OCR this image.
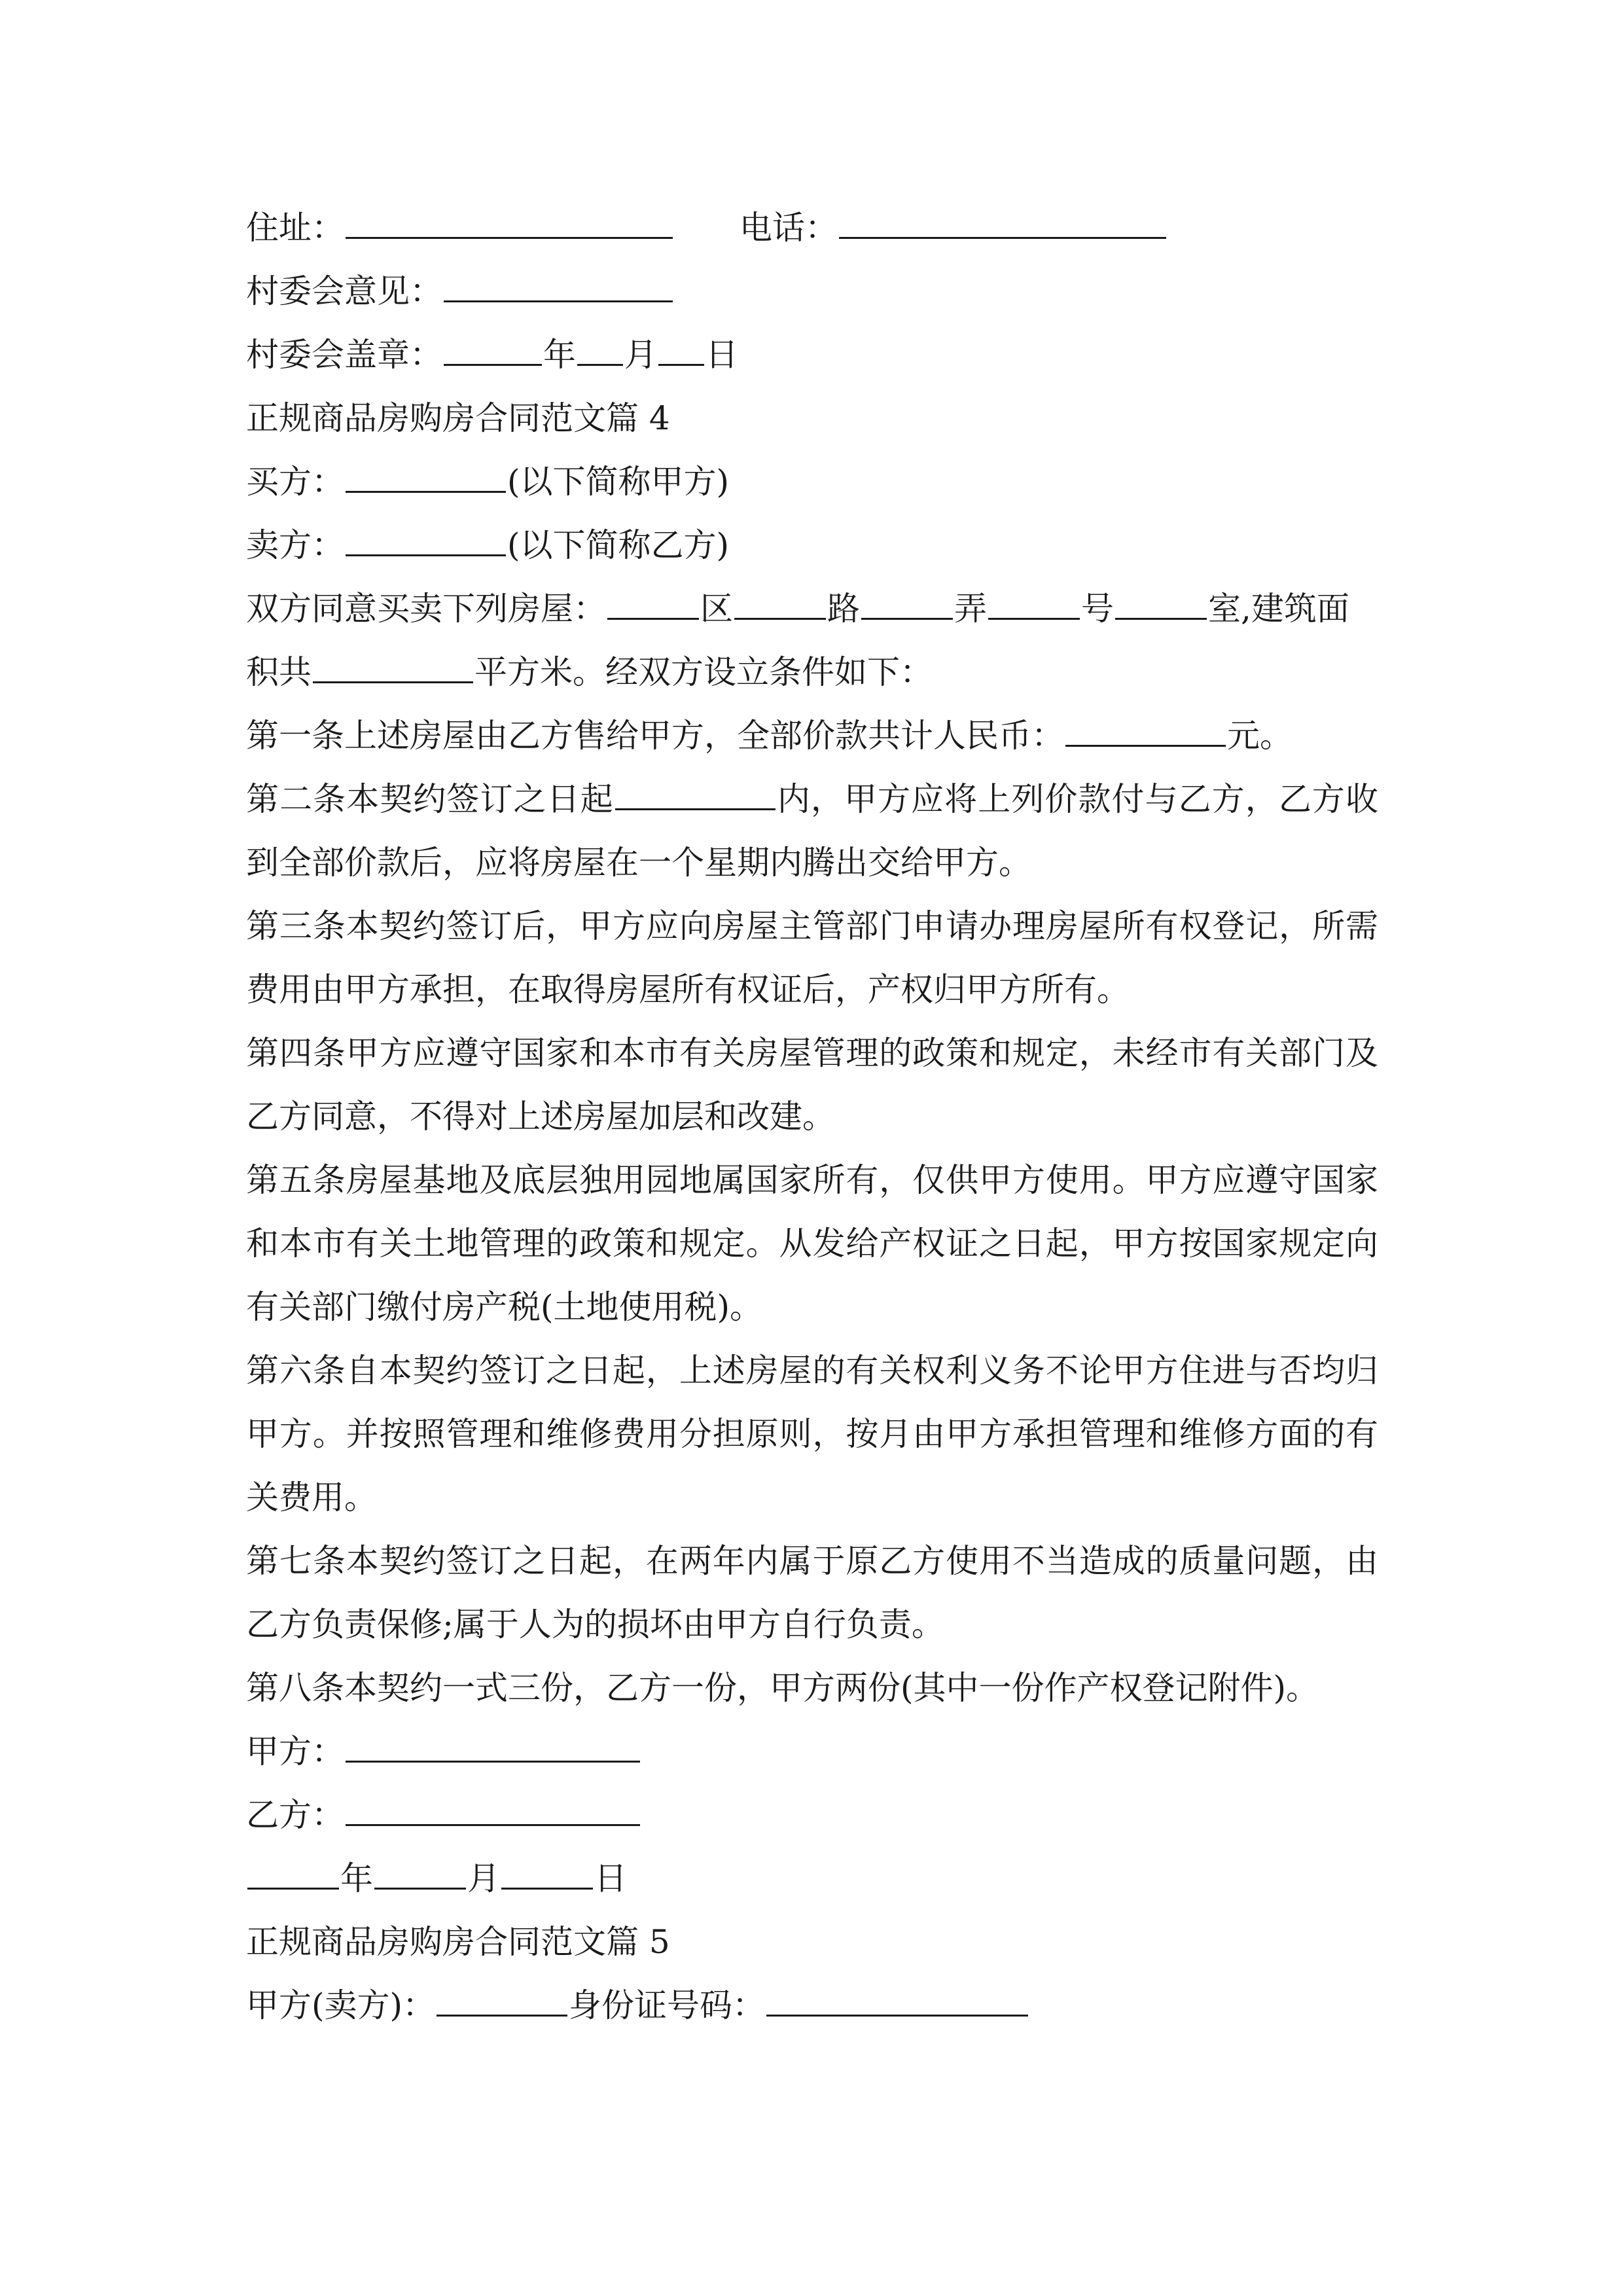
住址：	电话：
村委会意见：
村委会盖章：	年 月 日
正规商品房购房合同范文篇 4
买方：	(以下简称甲方)
卖方：	(以下简称乙方)
双方同意买卖下列房屋：	区	路	弄	号	室,建筑面
积共	平方米。经双方设立条件如下：
第一条上述房屋由乙方售给甲方，全部价款共计人民币：	元。
第二条本契约签订之日起	内，甲方应将上列价款付与乙方，乙方收到全部价款后，应将房屋在一个星期内腾出交给甲方。
第三条本契约签订后，甲方应向房屋主管部门申请办理房屋所有权登记，所需费用由甲方承担，在取得房屋所有权证后，产权归甲方所有。
第四条甲方应遵守国家和本市有关房屋管理的政策和规定，未经市有关部门及乙方同意，不得对上述房屋加层和改建。
第五条房屋基地及底层独用园地属国家所有，仅供甲方使用。甲方应遵守国家和本市有关土地管理的政策和规定。从发给产权证之日起，甲方按国家规定向有关部门缴付房产税(土地使用税)。
第六条自本契约签订之日起，上述房屋的有关权利义务不论甲方住进与否均归甲方。并按照管理和维修费用分担原则，按月由甲方承担管理和维修方面的有关费用。
第七条本契约签订之日起，在两年内属于原乙方使用不当造成的质量问题，由乙方负责保修;属于人为的损坏由甲方自行负责。
第八条本契约一式三份，乙方一份，甲方两份(其中一份作产权登记附件)。
甲方：
乙方：
年	月	日
正规商品房购房合同范文篇 5
甲方(卖方)：	身份证号码：
